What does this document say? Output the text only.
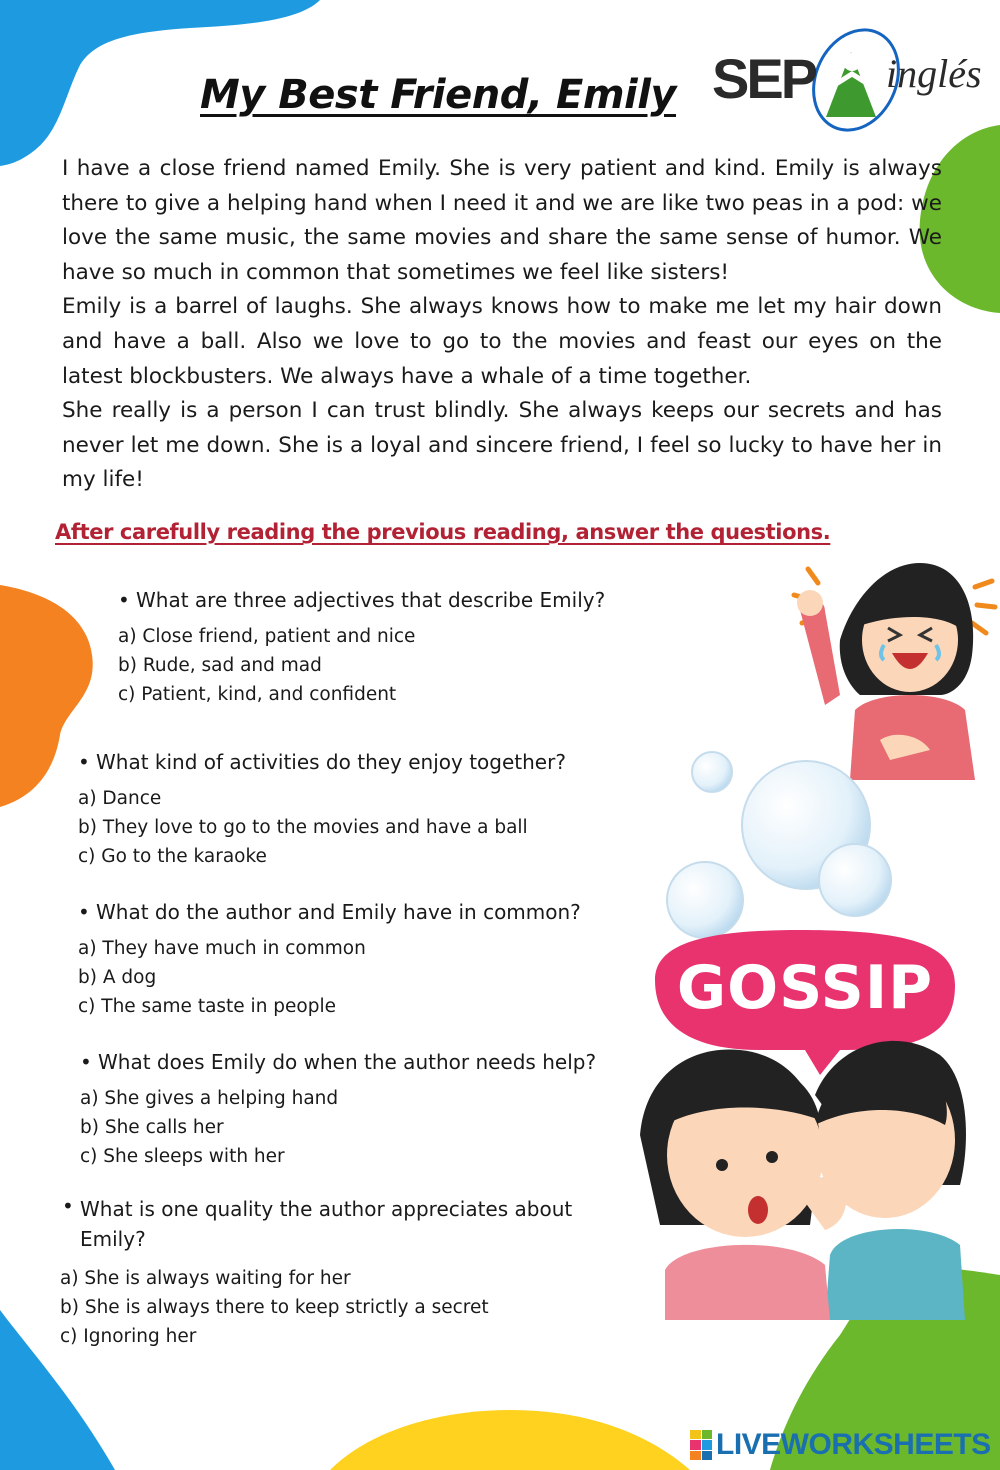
My Best Friend, Emily SEP inglés

I have a close friend named Emily. She is very patient and kind. Emily is always there to give a helping hand when I need it and we are like two peas in a pod: we love the same music, the same movies and share the same sense of humor. We have so much in common that sometimes we feel like sisters!

Emily is a barrel of laughs. She always knows how to make me let my hair down and have a ball. Also we love to go to the movies and feast our eyes on the latest blockbusters. We always have a whale of a time together.

She really is a person I can trust blindly. She always keeps our secrets and has never let me down. She is a loyal and sincere friend, I feel so lucky to have her in my life!

After carefully reading the previous reading, answer the questions.
• What are three adjectives that describe Emily?
a) Close friend, patient and nice
b) Rude, sad and mad
c) Patient, kind, and confident
• What kind of activities do they enjoy together?
a) Dance
b) They love to go to the movies and have a ball
c) Go to the karaoke
• What do the author and Emily have in common?
a) They have much in common
b) A dog
c) The same taste in people
• What does Emily do when the author needs help?
a) She gives a helping hand
b) She calls her
c) She sleeps with her
• What is one quality the author appreciates about Emily?
a) She is always waiting for her
b) She is always there to keep strictly a secret
c) Ignoring her
GOSSIP
LIVEWORKSHEETS
